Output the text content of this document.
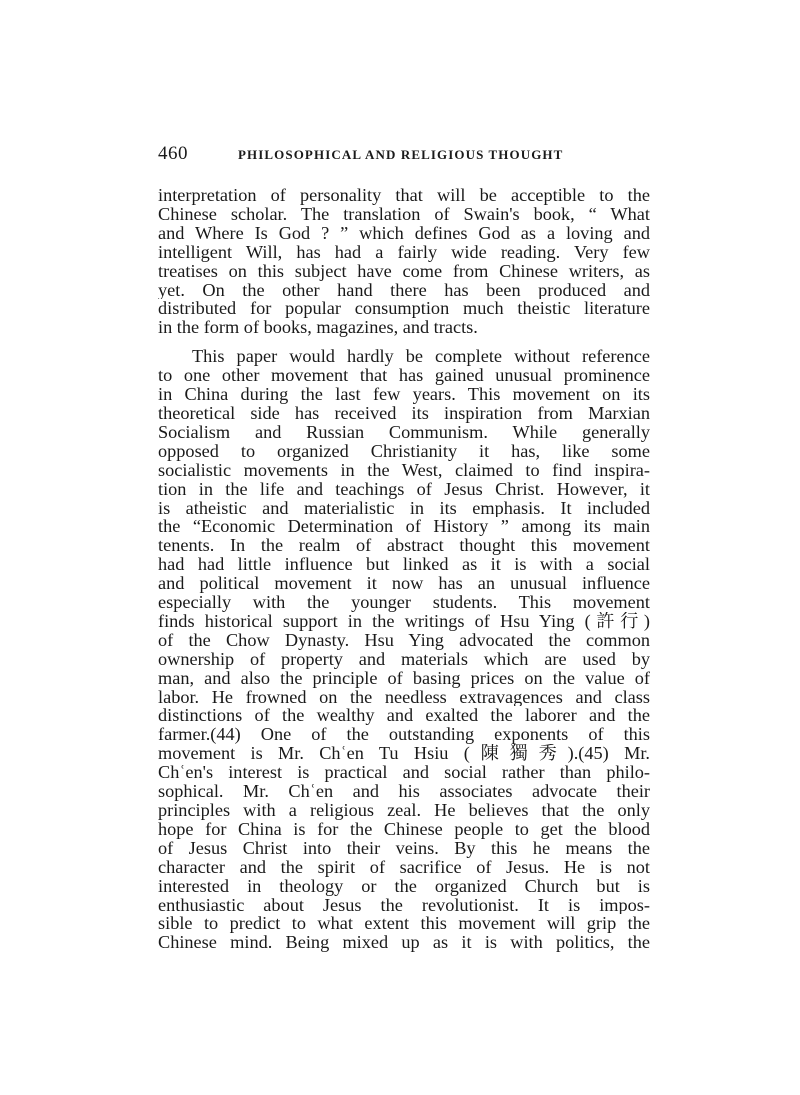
460	PHILOSOPHICAL AND RELIGIOUS THOUGHT
interpretation of personality that will be acceptible to the
Chinese scholar. The translation of Swain's book, “ What
and Where Is God ? ” which defines God as a loving and
intelligent Will, has had a fairly wide reading. Very few
treatises on this subject have come from Chinese writers, as
yet. On the other hand there has been produced and
distributed for popular consumption much theistic literature
in the form of books, magazines, and tracts.
This paper would hardly be complete without reference
to one other movement that has gained unusual prominence
in China during the last few years. This movement on its
theoretical side has received its inspiration from Marxian
Socialism and Russian Communism. While generally
opposed to organized Christianity it has, like some
socialistic movements in the West, claimed to find inspira-
tion in the life and teachings of Jesus Christ. However, it
is atheistic and materialistic in its emphasis. It included
the “Economic Determination of History ” among its main
tenents. In the realm of abstract thought this movement
had had little influence but linked as it is with a social
and political movement it now has an unusual influence
especially with the younger students. This movement
finds historical support in the writings of Hsu Ying (許行)
of the Chow Dynasty. Hsu Ying advocated the common
ownership of property and materials which are used by
man, and also the principle of basing prices on the value of
labor. He frowned on the needless extravagences and class
distinctions of the wealthy and exalted the laborer and the
farmer.(44) One of the outstanding exponents of this
movement is Mr. Chʿen Tu Hsiu (陳獨秀).(45) Mr.
Chʿen's interest is practical and social rather than philo-
sophical. Mr. Chʿen and his associates advocate their
principles with a religious zeal. He believes that the only
hope for China is for the Chinese people to get the blood
of Jesus Christ into their veins. By this he means the
character and the spirit of sacrifice of Jesus. He is not
interested in theology or the organized Church but is
enthusiastic about Jesus the revolutionist. It is impos-
sible to predict to what extent this movement will grip the
Chinese mind. Being mixed up as it is with politics, the
